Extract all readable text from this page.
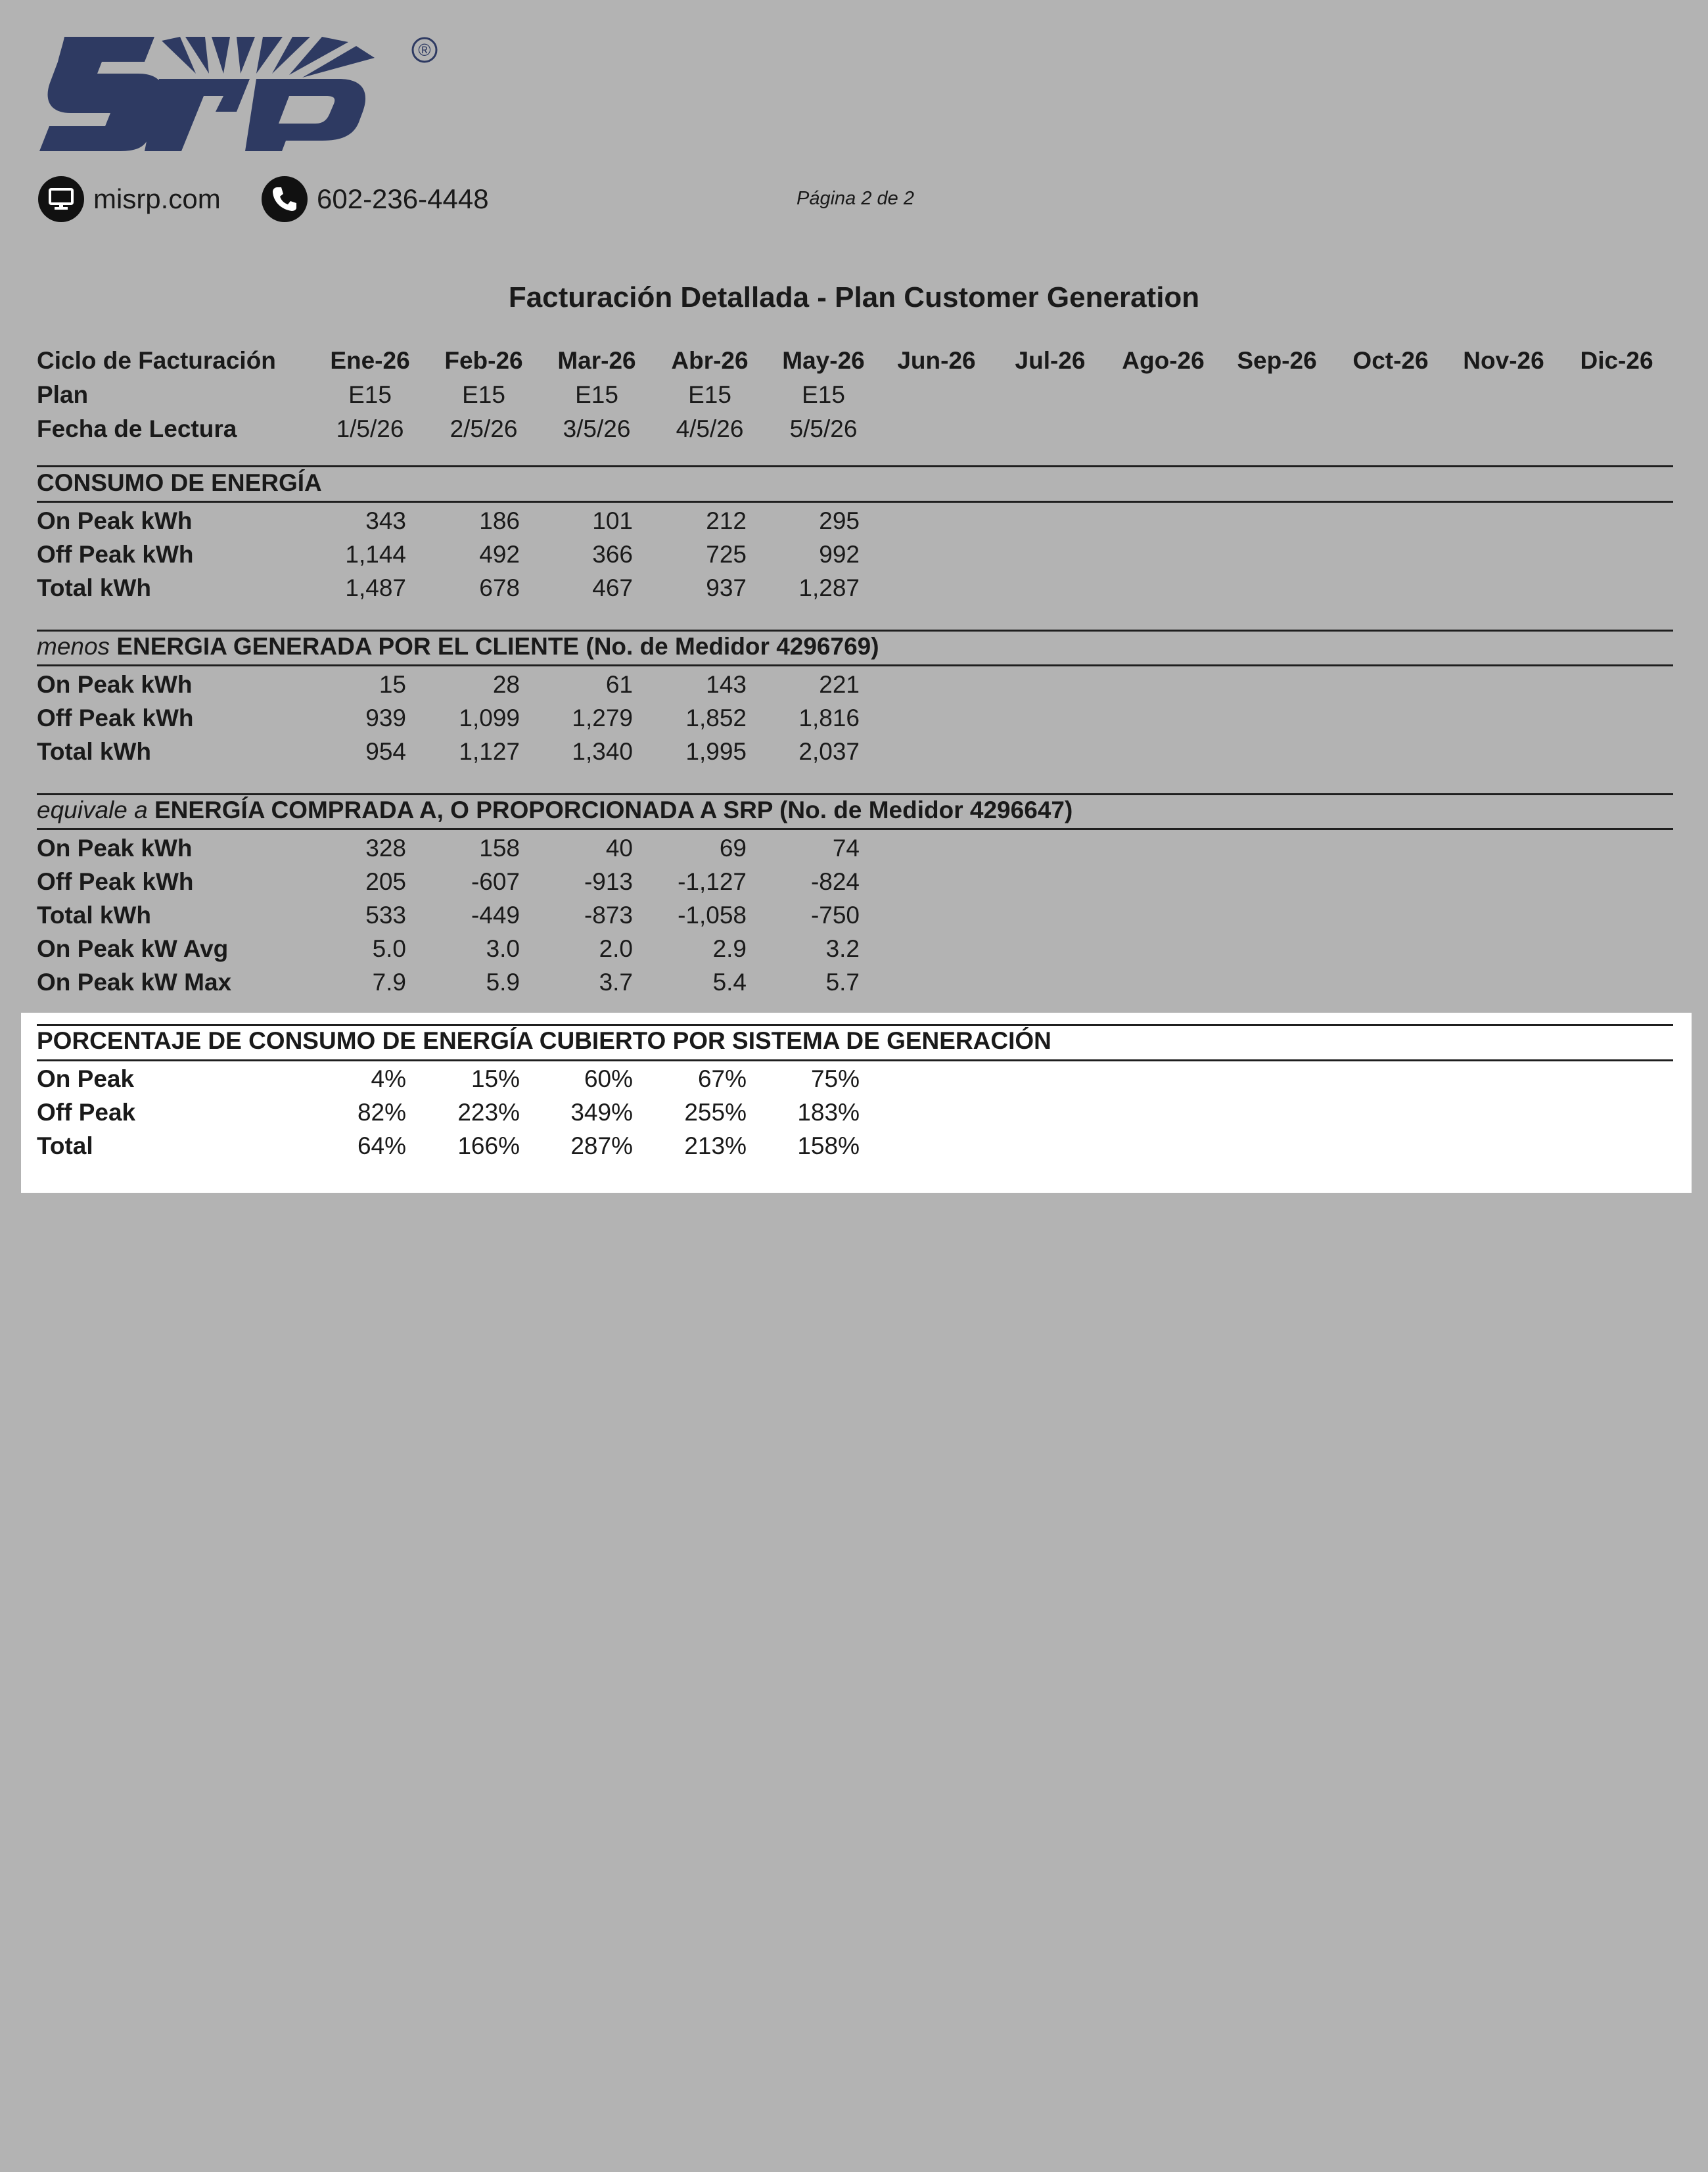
®
misrp.com	602-236-4448	Página 2 de 2
Facturación Detallada - Plan Customer Generation
Ciclo de Facturación	Ene-26	Feb-26	Mar-26	Abr-26	May-26	Jun-26	Jul-26	Ago-26	Sep-26	Oct-26	Nov-26	Dic-26
Plan	E15	E15	E15	E15	E15
Fecha de Lectura	1/5/26	2/5/26	3/5/26	4/5/26	5/5/26
CONSUMO DE ENERGÍA
On Peak kWh	343	186	101	212	295
Off Peak kWh	1,144	492	366	725	992
Total kWh	1,487	678	467	937	1,287
menos ENERGIA GENERADA POR EL CLIENTE (No. de Medidor 4296769)
On Peak kWh	15	28	61	143	221
Off Peak kWh	939	1,099	1,279	1,852	1,816
Total kWh	954	1,127	1,340	1,995	2,037
equivale a ENERGÍA COMPRADA A, O PROPORCIONADA A SRP (No. de Medidor 4296647)
On Peak kWh	328	158	40	69	74
Off Peak kWh	205	-607	-913	-1,127	-824
Total kWh	533	-449	-873	-1,058	-750
On Peak kW Avg	5.0	3.0	2.0	2.9	3.2
On Peak kW Max	7.9	5.9	3.7	5.4	5.7
PORCENTAJE DE CONSUMO DE ENERGÍA CUBIERTO POR SISTEMA DE GENERACIÓN
On Peak	4%	15%	60%	67%	75%
Off Peak	82%	223%	349%	255%	183%
Total	64%	166%	287%	213%	158%
